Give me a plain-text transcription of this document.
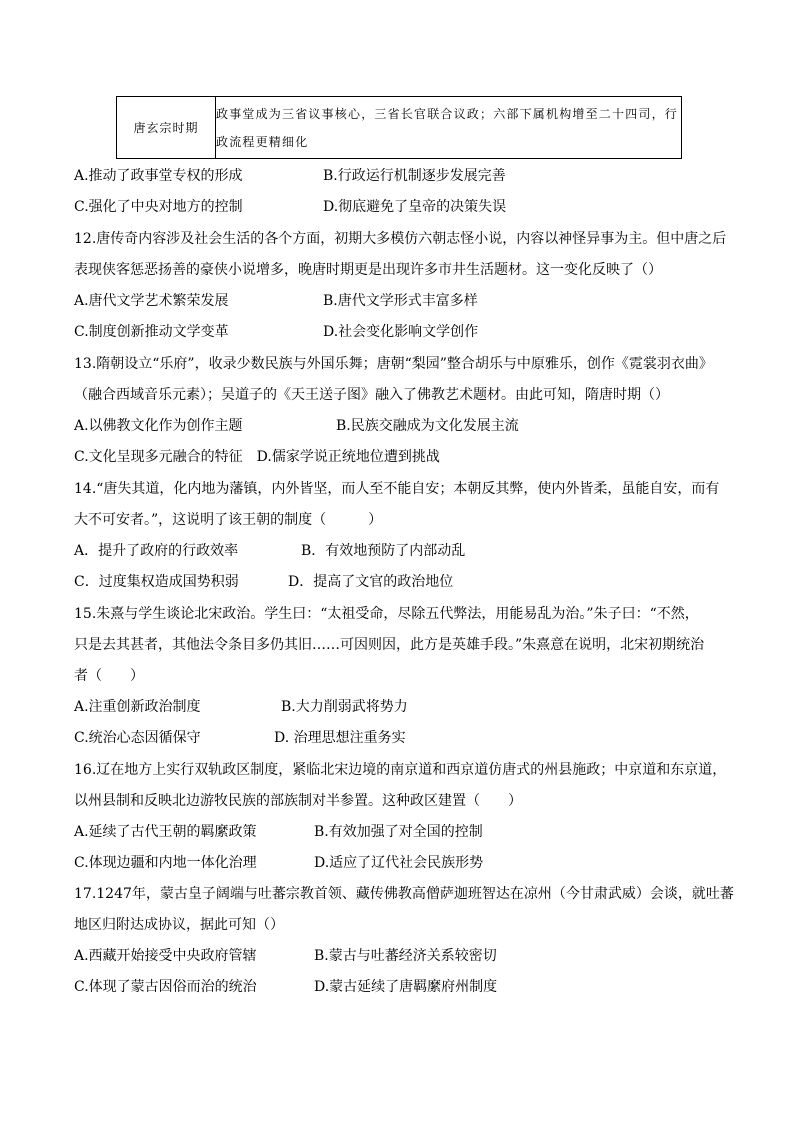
唐玄宗时期	政事堂成为三省议事核心，三省长官联合议政；六部下属机构增至二十四司，行政流程更精细化
A.推动了政事堂专权的形成	B.行政运行机制逐步发展完善
C.强化了中央对地方的控制	D.彻底避免了皇帝的决策失误
12.唐传奇内容涉及社会生活的各个方面，初期大多模仿六朝志怪小说，内容以神怪异事为主。但中唐之后
表现侠客惩恶扬善的豪侠小说增多，晚唐时期更是出现许多市井生活题材。这一变化反映了（）
A.唐代文学艺术繁荣发展	B.唐代文学形式丰富多样
C.制度创新推动文学变革	D.社会变化影响文学创作
13.隋朝设立“乐府”，收录少数民族与外国乐舞；唐朝“梨园”整合胡乐与中原雅乐，创作《霓裳羽衣曲》
（融合西域音乐元素）；吴道子的《天王送子图》融入了佛教艺术题材。由此可知，隋唐时期（）
A.以佛教文化作为创作主题	B.民族交融成为文化发展主流
C.文化呈现多元融合的特征　D.儒家学说正统地位遭到挑战
14.“唐失其道，化内地为藩镇，内外皆坚，而人至不能自安；本朝反其弊，使内外皆柔，虽能自安，而有
大不可安者。”，这说明了该王朝的制度（　　　）
A．提升了政府的行政效率	B．有效地预防了内部动乱
C．过度集权造成国势积弱	D．提高了文官的政治地位
15.朱熹与学生谈论北宋政治。学生曰：“太祖受命，尽除五代弊法，用能易乱为治。”朱子曰：“不然，
只是去其甚者，其他法令条目多仍其旧……可因则因，此方是英雄手段。”朱熹意在说明，北宋初期统治
者（　　）
A.注重创新政治制度	B.大力削弱武将势力
C.统治心态因循保守	D. 治理思想注重务实
16.辽在地方上实行双轨政区制度，紧临北宋边境的南京道和西京道仿唐式的州县施政；中京道和东京道，
以州县制和反映北边游牧民族的部族制对半参置。这种政区建置（　　）
A.延续了古代王朝的羁縻政策	B.有效加强了对全国的控制
C.体现边疆和内地一体化治理	D.适应了辽代社会民族形势
17.1247年，蒙古皇子阔端与吐蕃宗教首领、藏传佛教高僧萨迦班智达在凉州（今甘肃武威）会谈，就吐蕃
地区归附达成协议，据此可知（）
A.西藏开始接受中央政府管辖	B.蒙古与吐蕃经济关系较密切
C.体现了蒙古因俗而治的统治	D.蒙古延续了唐羁縻府州制度
